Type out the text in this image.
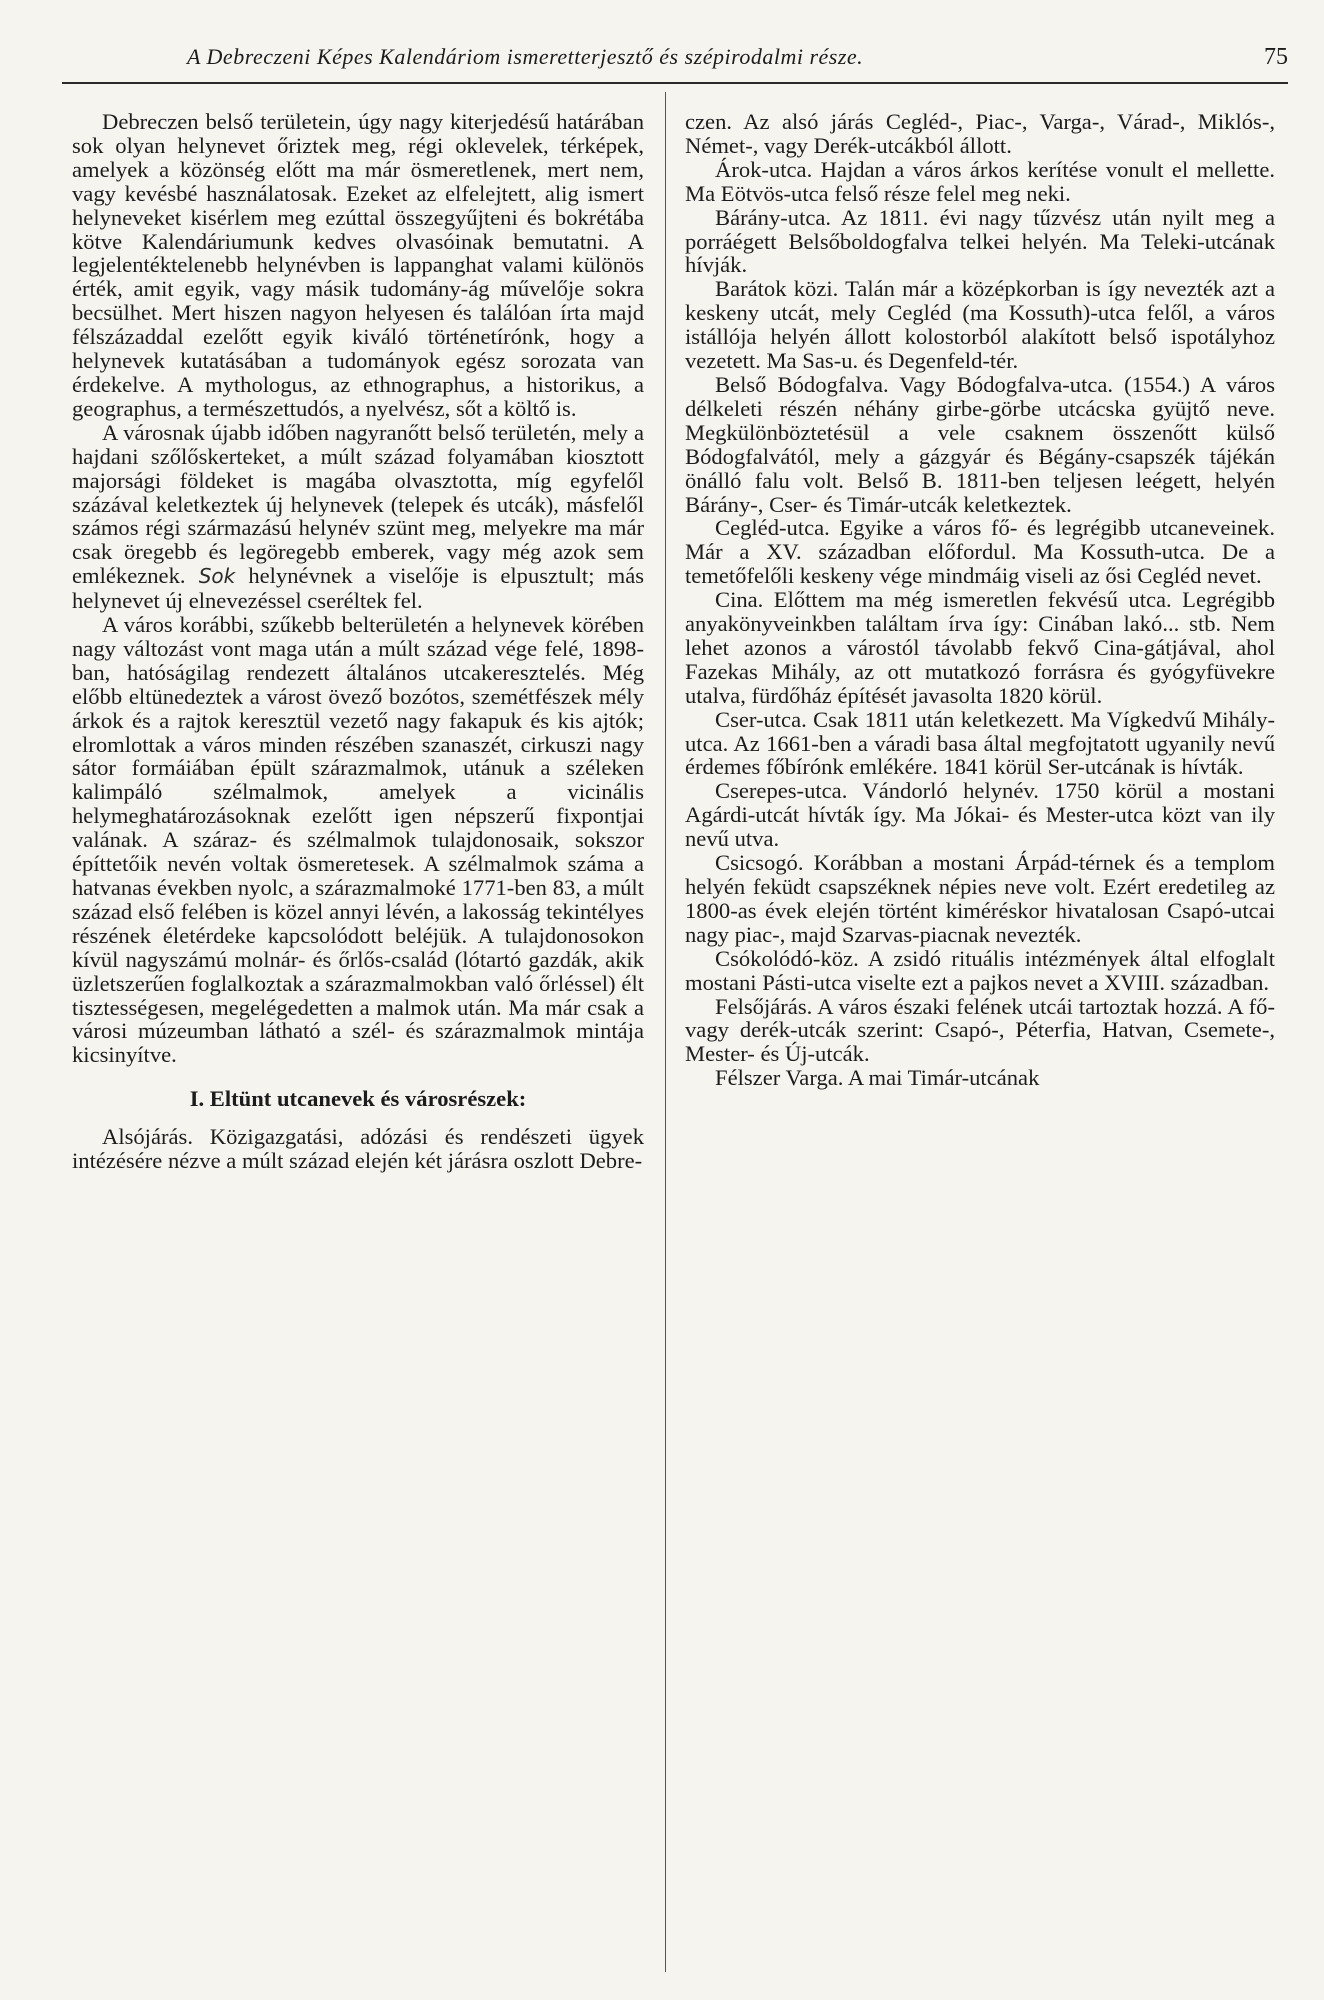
A Debreczeni Képes Kalendáriom ismeretterjesztő és szépirodalmi része.	75

Debreczen belső területein, úgy nagy kiterjedésű határában sok olyan helynevet őriztek meg, régi oklevelek, térképek, amelyek a közönség előtt ma már ösmeretlenek, mert nem, vagy kevésbé használatosak. Ezeket az elfelejtett, alig ismert helyneveket kisérlem meg ezúttal összegyűjteni és bokrétába kötve Kalendáriumunk kedves olvasóinak bemutatni. A legjelentéktelenebb helynévben is lappanghat valami különös érték, amit egyik, vagy másik tudomány-ág művelője sokra becsülhet. Mert hiszen nagyon helyesen és találóan írta majd félszázaddal ezelőtt egyik kiváló történetírónk, hogy a helynevek kutatásában a tudományok egész sorozata van érdekelve. A mythologus, az ethnographus, a historikus, a geographus, a természettudós, a nyelvész, sőt a költő is.

A városnak újabb időben nagyranőtt belső területén, mely a hajdani szőlőskerteket, a múlt század folyamában kiosztott majorsági földeket is magába olvasztotta, míg egyfelől százával keletkeztek új helynevek (telepek és utcák), másfelől számos régi származású helynév szünt meg, melyekre ma már csak öregebb és legöregebb emberek, vagy még azok sem emlékeznek. Sok helynévnek a viselője is elpusztult; más helynevet új elnevezéssel cseréltek fel.

A város korábbi, szűkebb belterületén a helynevek körében nagy változást vont maga után a múlt század vége felé, 1898-ban, hatóságilag rendezett általános utcakeresztelés. Még előbb eltünedeztek a várost övező bozótos, szemétfészek mély árkok és a rajtok keresztül vezető nagy fakapuk és kis ajtók; elromlottak a város minden részében szanaszét, cirkuszi nagy sátor formáiában épült szárazmalmok, utánuk a széleken kalimpáló szélmalmok, amelyek a vicinális helymeghatározásoknak ezelőtt igen népszerű fixpontjai valának. A száraz- és szélmalmok tulajdonosaik, sokszor építtetőik nevén voltak ösmeretesek. A szélmalmok száma a hatvanas években nyolc, a szárazmalmoké 1771-ben 83, a múlt század első felében is közel annyi lévén, a lakosság tekintélyes részének életérdeke kapcsolódott beléjük. A tulajdonosokon kívül nagyszámú molnár- és őrlős-család (lótartó gazdák, akik üzletszerűen foglalkoztak a szárazmalmokban való őrléssel) élt tisztességesen, megelégedetten a malmok után. Ma már csak a városi múzeumban látható a szél- és szárazmalmok mintája kicsinyítve.

I. Eltünt utcanevek és városrészek:

Alsójárás. Közigazgatási, adózási és rendészeti ügyek intézésére nézve a múlt század elején két járásra oszlott Debre-

czen. Az alsó járás Cegléd-, Piac-, Varga-, Várad-, Miklós-, Német-, vagy Derék-utcákból állott.

Árok-utca. Hajdan a város árkos kerítése vonult el mellette. Ma Eötvös-utca felső része felel meg neki.

Bárány-utca. Az 1811. évi nagy tűzvész után nyilt meg a porráégett Belsőboldogfalva telkei helyén. Ma Teleki-utcának hívják.

Barátok közi. Talán már a középkorban is így nevezték azt a keskeny utcát, mely Cegléd (ma Kossuth)-utca felől, a város istállója helyén állott kolostorból alakított belső ispotályhoz vezetett. Ma Sas-u. és Degenfeld-tér.

Belső Bódogfalva. Vagy Bódogfalva-utca. (1554.) A város délkeleti részén néhány girbe-görbe utcácska gyüjtő neve. Megkülönböztetésül a vele csaknem összenőtt külső Bódogfalvától, mely a gázgyár és Bégány-csapszék tájékán önálló falu volt. Belső B. 1811-ben teljesen leégett, helyén Bárány-, Cser- és Timár-utcák keletkeztek.

Cegléd-utca. Egyike a város fő- és legrégibb utcaneveinek. Már a XV. században előfordul. Ma Kossuth-utca. De a temetőfelőli keskeny vége mindmáig viseli az ősi Cegléd nevet.

Cina. Előttem ma még ismeretlen fekvésű utca. Legrégibb anyakönyveinkben találtam írva így: Cinában lakó... stb. Nem lehet azonos a várostól távolabb fekvő Cina-gátjával, ahol Fazekas Mihály, az ott mutatkozó forrásra és gyógyfüvekre utalva, fürdőház építését javasolta 1820 körül.

Cser-utca. Csak 1811 után keletkezett. Ma Vígkedvű Mihály-utca. Az 1661-ben a váradi basa által megfojtatott ugyanily nevű érdemes főbírónk emlékére. 1841 körül Ser-utcának is hívták.

Cserepes-utca. Vándorló helynév. 1750 körül a mostani Agárdi-utcát hívták így. Ma Jókai- és Mester-utca közt van ily nevű utva.

Csicsogó. Korábban a mostani Árpád-térnek és a templom helyén feküdt csapszéknek népies neve volt. Ezért eredetileg az 1800-as évek elején történt kiméréskor hivatalosan Csapó-utcai nagy piac-, majd Szarvas-piacnak nevezték.

Csókolódó-köz. A zsidó rituális intézmények által elfoglalt mostani Pásti-utca viselte ezt a pajkos nevet a XVIII. században.

Felsőjárás. A város északi felének utcái tartoztak hozzá. A fő- vagy derék-utcák szerint: Csapó-, Péterfia, Hatvan, Csemete-, Mester- és Új-utcák.

Félszer Varga. A mai Timár-utcának
